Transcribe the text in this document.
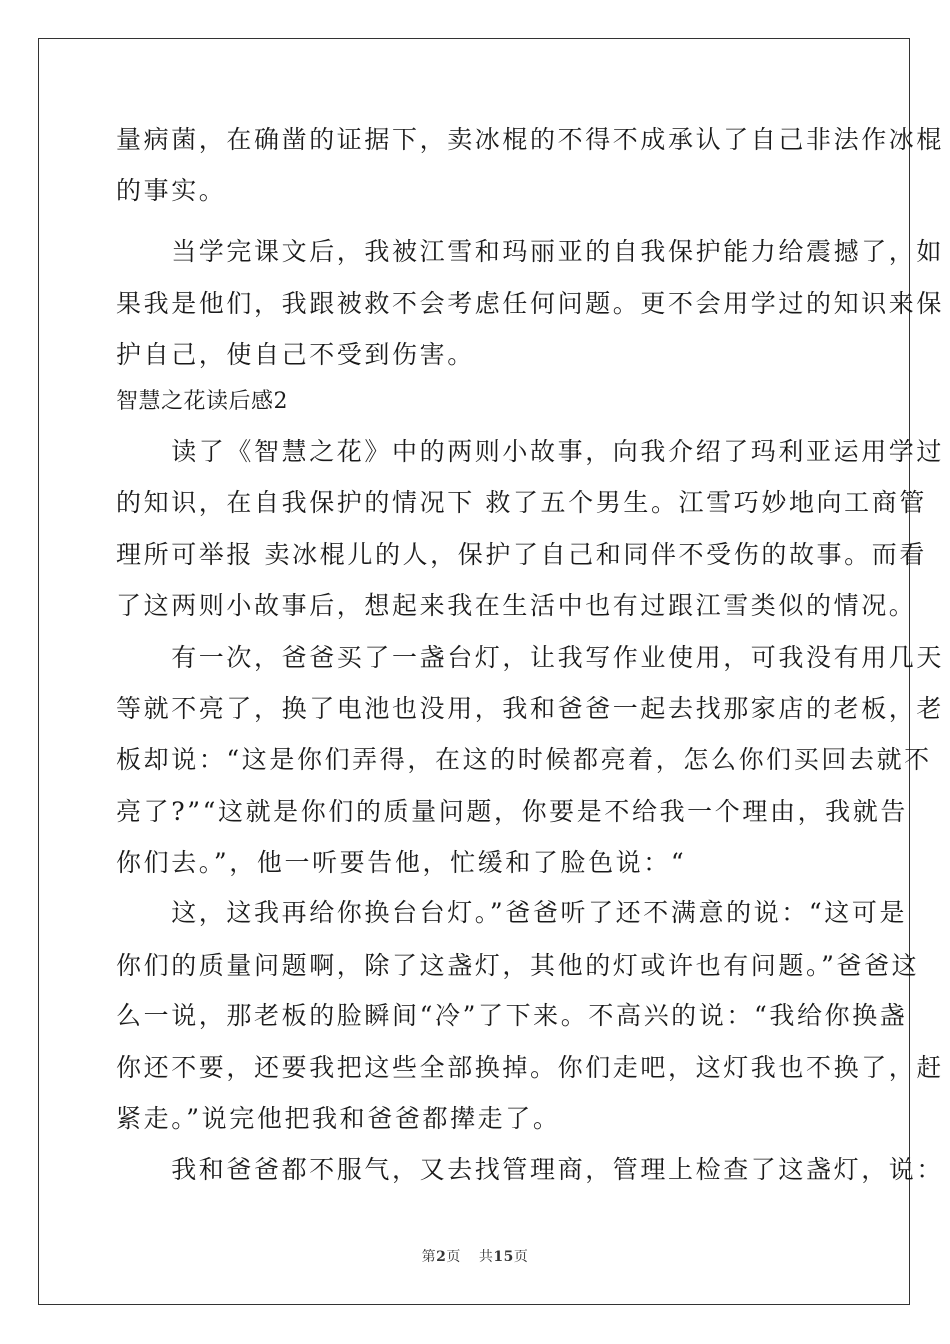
量病菌，在确凿的证据下，卖冰棍的不得不成承认了自己非法作冰棍
的事实。
　　当学完课文后，我被江雪和玛丽亚的自我保护能力给震撼了，如
果我是他们，我跟被救不会考虑任何问题。更不会用学过的知识来保
护自己，使自己不受到伤害。
智慧之花读后感2
　　读了《智慧之花》中的两则小故事，向我介绍了玛利亚运用学过
的知识，在自我保护的情况下 救了五个男生。江雪巧妙地向工商管
理所可举报 卖冰棍儿的人，保护了自己和同伴不受伤的故事。而看
了这两则小故事后，想起来我在生活中也有过跟江雪类似的情况。
　　有一次，爸爸买了一盏台灯，让我写作业使用，可我没有用几天
等就不亮了，换了电池也没用，我和爸爸一起去找那家店的老板，老
板却说：“这是你们弄得，在这的时候都亮着，怎么你们买回去就不
亮了?”“这就是你们的质量问题，你要是不给我一个理由，我就告
你们去。”，他一听要告他，忙缓和了脸色说：“
　　这，这我再给你换台台灯。”爸爸听了还不满意的说：“这可是
你们的质量问题啊，除了这盏灯，其他的灯或许也有问题。”爸爸这
么一说，那老板的脸瞬间“冷”了下来。不高兴的说：“我给你换盏
你还不要，还要我把这些全部换掉。你们走吧，这灯我也不换了，赶
紧走。”说完他把我和爸爸都撵走了。
　　我和爸爸都不服气，又去找管理商，管理上检查了这盏灯，说：
第2页 共15页
